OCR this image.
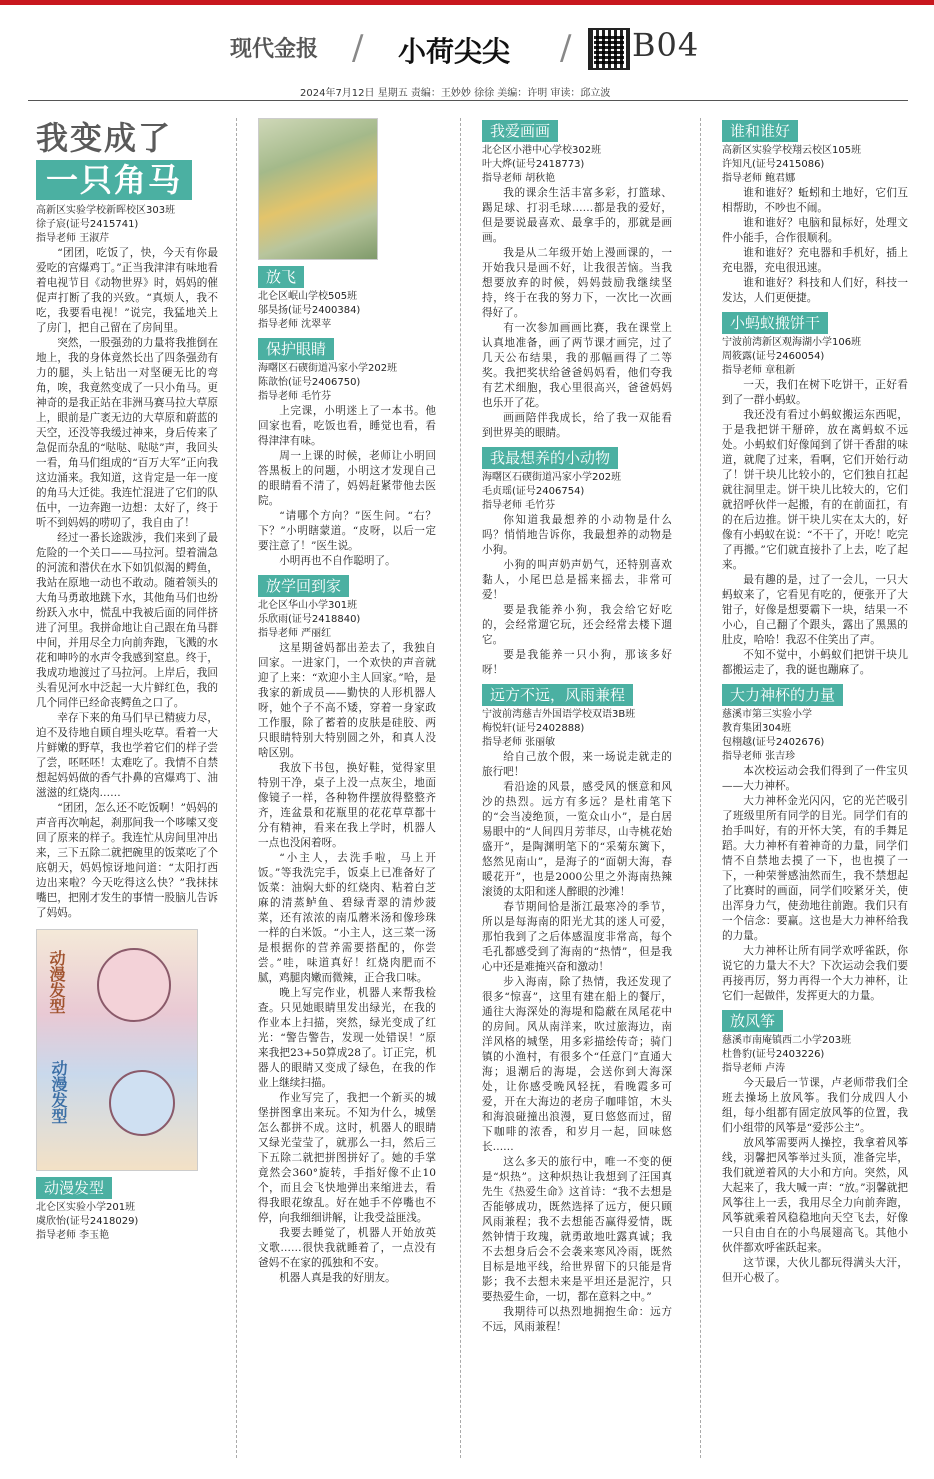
现代金报 / 小荷尖尖 / B04
2024年7月12日 星期五 责编：王妙妙 徐徐 美编：许明 审读：邱立波
我变成了
一只角马
高新区实验学校新晖校区303班
徐子宸(证号2415741)
指导老师 王淑芹

“团团，吃饭了，快，今天有你最爱吃的宫爆鸡丁。”正当我津津有味地看着电视节目《动物世界》时，妈妈的催促声打断了我的兴致。“真烦人，我不吃，我要看电视！”说完，我猛地关上了房门，把自己留在了房间里。

突然，一股强劲的力量将我推倒在地上，我的身体竟然长出了四条强劲有力的腿，头上钻出一对坚硬无比的弯角，唉，我竟然变成了一只小角马。更神奇的是我正站在非洲马赛马拉大草原上，眼前是广袤无边的大草原和蔚蓝的天空，还没等我缓过神来，身后传来了急促而杂乱的“哒哒、哒哒”声，我回头一看，角马们组成的“百万大军”正向我这边涌来。我知道，这肯定是一年一度的角马大迁徙。我连忙混进了它们的队伍中，一边奔跑一边想：太好了，终于听不到妈妈的唠叨了，我自由了！

经过一番长途跋涉，我们来到了最危险的一个关口——马拉河。望着湍急的河流和潜伏在水下如饥似渴的鳄鱼，我站在原地一动也不敢动。随着领头的大角马勇敢地跳下水，其他角马们也纷纷跃入水中，慌乱中我被后面的同伴挤进了河里。我拼命地让自己跟在角马群中间，并用尽全力向前奔跑，飞溅的水花和呻吟的水声令我感到窒息。终于，我成功地渡过了马拉河。上岸后，我回头看见河水中泛起一大片鲜红色，我的几个同伴已经命丧鳄鱼之口了。

幸存下来的角马们早已精疲力尽，迫不及待地自顾自埋头吃草。看着一大片鲜嫩的野草，我也学着它们的样子尝了尝，呸呸呸！太难吃了。我情不自禁想起妈妈做的香气扑鼻的宫爆鸡丁、油滋滋的红烧肉……

“团团，怎么还不吃饭啊！”妈妈的声音再次响起，刹那间我一个哆嗦又变回了原来的样子。我连忙从房间里冲出来，三下五除二就把碗里的饭菜吃了个底朝天，妈妈惊讶地问道：“太阳打西边出来啦？今天吃得这么快？”我抹抹嘴巴，把刚才发生的事情一股脑儿告诉了妈妈。

动漫发型
动漫发型
动漫发型
北仑区实验小学201班
虞欣怡(证号2418029)
指导老师 李玉艳
放飞
北仑区岷山学校505班
邬昊扬(证号2400384)
指导老师 沈翠苹
保护眼睛
海曙区石碶街道冯家小学202班
陈歆怡(证号2406750)
指导老师 毛竹芬

上完课，小明迷上了一本书。他回家也看，吃饭也看，睡觉也看，看得津津有味。

周一上课的时候，老师让小明回答黑板上的问题，小明这才发现自己的眼睛看不清了，妈妈赶紧带他去医院。

“请哪个方向？”医生问。“右？下？”小明瞎蒙道。“皮呀，以后一定要注意了！”医生说。

小明再也不自作聪明了。

放学回到家
北仑区华山小学301班
乐欣雨(证号2418840)
指导老师 严丽红

这星期爸妈都出差去了，我独自回家。一进家门，一个欢快的声音就迎了上来：“欢迎小主人回家。”哈，是我家的新成员——勤快的人形机器人呀，她个子不高不矮，穿着一身家政工作服，除了蓄着的皮肤是硅胶、两只眼睛特别大特别圆之外，和真人没啥区别。

我放下书包，换好鞋，觉得家里特别干净，桌子上没一点灰尘，地面像镜子一样，各种物件摆放得整整齐齐，连盆景和花瓶里的花花草草都十分有精神，看来在我上学时，机器人一点也没闲着呀。

“小主人，去洗手啦，马上开饭。”等我洗完手，饭桌上已准备好了饭菜：油焖大虾的红烧肉、粘着白芝麻的清蒸鲈鱼、碧绿青翠的清炒菠菜，还有浓浓的南瓜蘑米汤和像珍珠一样的白米饭。“小主人，这三菜一汤是根据你的营养需要搭配的，你尝尝。”哇，味道真好！红烧肉肥而不腻，鸡腿肉嫩而微辣，正合我口味。

晚上写完作业，机器人来帮我检查。只见她眼睛里发出绿光，在我的作业本上扫描，突然，绿光变成了红光：“警告警告，发现一处错误！”原来我把23+50算成28了。订正完，机器人的眼睛又变成了绿色，在我的作业上继续扫描。

作业写完了，我把一个新买的城堡拼图拿出来玩。不知为什么，城堡怎么都拼不成。这时，机器人的眼睛又绿光莹莹了，就那么一扫，然后三下五除二就把拼图拼好了。她的手掌竟然会360°旋转，手指好像不止10个，而且会飞快地弹出来缩进去，看得我眼花缭乱。好在她手不停嘴也不停，向我细细讲解，让我受益匪浅。

我要去睡觉了，机器人开始放英文歌……很快我就睡着了，一点没有爸妈不在家的孤独和不安。

机器人真是我的好朋友。

我爱画画
北仑区小港中心学校302班
叶大烨(证号2418773)
指导老师 胡秋艳

我的课余生活丰富多彩，打篮球、踢足球、打羽毛球……都是我的爱好，但是要说最喜欢、最拿手的，那就是画画。

我是从二年级开始上漫画课的，一开始我只是画不好，让我很苦恼。当我想要放弃的时候，妈妈鼓励我继续坚持，终于在我的努力下，一次比一次画得好了。

有一次参加画画比赛，我在课堂上认真地准备，画了两节课才画完，过了几天公布结果，我的那幅画得了二等奖。我把奖状给爸爸妈妈看，他们夸我有艺术细胞，我心里很高兴，爸爸妈妈也乐开了花。

画画陪伴我成长，给了我一双能看到世界美的眼睛。

我最想养的小动物
海曙区石碶街道冯家小学202班
毛贞瑶(证号2406754)
指导老师 毛竹芬

你知道我最想养的小动物是什么吗？悄悄地告诉你，我最想养的动物是小狗。

小狗的叫声奶声奶气，还特别喜欢黏人，小尾巴总是摇来摇去，非常可爱！

要是我能养小狗，我会给它好吃的，会经常遛它玩，还会经常去楼下遛它。

要是我能养一只小狗，那该多好呀！

远方不远，风雨兼程
宁波前湾慈吉外国语学校双语3B班
梅悦轩(证号2402888)
指导老师 张丽敏

给自己放个假，来一场说走就走的旅行吧！

看沿途的风景，感受风的惬意和风沙的热烈。远方有多远？是杜甫笔下的“会当凌绝顶，一览众山小”，是白居易眼中的“人间四月芳菲尽，山寺桃花始盛开”，是陶渊明笔下的“采菊东篱下，悠然见南山”，是海子的“面朝大海，春暖花开”，也是2000公里之外海南热辣滚烫的太阳和迷人醉眼的沙滩！

春节期间恰是浙江最寒冷的季节，所以是每海南的阳光尤其的迷人可爱，那怕我到了之后体感温度非常高，每个毛孔都感受到了海南的“热情”，但是我心中还是难掩兴奋和激动！

步入海南，除了热情，我还发现了很多“惊喜”，这里有建在船上的餐厅，通往大海深处的海堤和隐蔽在凤尾花中的房间。风从南洋来，吹过旅海边，南洋风格的城堡，用多彩描绘传奇；骑门镇的小渔村，有很多个“任意门”直通大海；退潮后的海堤，会送你到大海深处，让你感受晚风轻抚，看晚霞多可爱，开在大海边的老房子咖啡馆，木头和海浪碰撞出浪漫，夏日悠悠而过，留下咖啡的浓香，和岁月一起，回味悠长……

这么多天的旅行中，唯一不变的便是“炽热”。这种炽热让我想到了汪国真先生《热爱生命》这首诗：“我不去想是否能够成功，既然选择了远方，便只顾风雨兼程；我不去想能否赢得爱情，既然钟情于玫瑰，就勇敢地吐露真诚；我不去想身后会不会袭来寒风冷雨，既然目标是地平线，给世界留下的只能是背影；我不去想未来是平坦还是泥泞，只要热爱生命，一切，都在意料之中。”

我期待可以热烈地拥抱生命：远方不远，风雨兼程！

谁和谁好
高新区实验学校翔云校区105班
许知凡(证号2415086)
指导老师 鲍君娜

谁和谁好？蚯蚓和土地好，它们互相帮助，不吵也不闹。

谁和谁好？电脑和鼠标好，处理文件小能手，合作很顺利。

谁和谁好？充电器和手机好，插上充电器，充电很迅速。

谁和谁好？科技和人们好，科技一发达，人们更便捷。

小蚂蚁搬饼干
宁波前湾新区观海湖小学106班
周筱露(证号2460054)
指导老师 章租新

一天，我们在树下吃饼干，正好看到了一群小蚂蚁。

我还没有看过小蚂蚁搬运东西呢，于是我把饼干掰碎，放在离蚂蚁不远处。小蚂蚁们好像闻到了饼干香甜的味道，就爬了过来，看啊，它们开始行动了！饼干块儿比较小的，它们独自扛起就往洞里走。饼干块儿比较大的，它们就招呼伙伴一起搬，有的在前面扛，有的在后边推。饼干块儿实在太大的，好像有小蚂蚁在说：“不干了，开吃！吃完了再搬。”它们就直接扑了上去，吃了起来。

最有趣的是，过了一会儿，一只大蚂蚁来了，它看见有吃的，便张开了大钳子，好像是想要霸下一块，结果一不小心，自己翻了个跟头，露出了黑黑的肚皮，哈哈！我忍不住笑出了声。

不知不觉中，小蚂蚁们把饼干块儿都搬运走了，我的诞也蹦麻了。

大力神杯的力量
慈溪市第三实验小学
教育集团304班
包栩越(证号2402676)
指导老师 张吉珍

本次校运动会我们得到了一件宝贝——大力神杯。

大力神杯金光闪闪，它的光芒吸引了班级里所有同学的目光。同学们有的抬手叫好，有的开怀大笑，有的手舞足蹈。大力神杯有着神奇的力量，同学们情不自禁地去摸了一下，也也摸了一下，一种荣誉感油然而生，我不禁想起了比赛时的画面，同学们咬紧牙关，使出浑身力气，使劲地往前跑。我们只有一个信念：要赢。这也是大力神杯给我的力量。

大力神杯让所有同学欢呼雀跃，你说它的力量大不大？下次运动会我们要再接再厉，努力再得一个大力神杯，让它们一起做伴，发挥更大的力量。

放风筝
慈溪市南庵镇西二小学203班
杜鲁豹(证号2403226)
指导老师 卢涛

今天最后一节课，卢老师带我们全班去操场上放风筝。我们分成四人小组，每小组都有固定放风筝的位置，我们小组带的风筝是“爱莎公主”。

放风筝需要两人操控，我拿着风筝线，羽馨把风筝举过头顶，准备完毕，我们就逆着风的大小和方向。突然，风大起来了，我大喊一声：“放。”羽馨就把风筝往上一丢，我用尽全力向前奔跑，风筝就乘着风稳稳地向天空飞去，好像一只自由自在的小鸟展翅高飞。其他小伙伴都欢呼雀跃起来。

这节课，大伙儿都玩得满头大汗，但开心极了。
